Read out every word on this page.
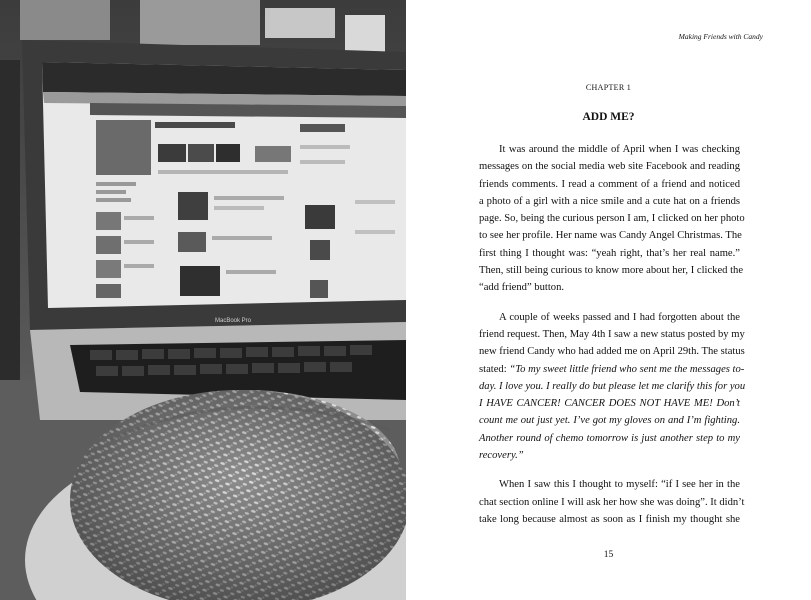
MacBook Pro
Making Friends with Candy
CHAPTER 1
ADD ME?
It was around the middle of April when I was checking
messages on the social media web site Facebook and reading
friends comments. I read a comment of a friend and noticed
a photo of a girl with a nice smile and a cute hat on a friends
page. So, being the curious person I am, I clicked on her photo
to see her profile. Her name was Candy Angel Christmas. The
first thing I thought was: “yeah right, that’s her real name.”
Then, still being curious to know more about her, I clicked the
“add friend” button.
A couple of weeks passed and I had forgotten about the
friend request. Then, May 4th I saw a new status posted by my
new friend Candy who had added me on April 29th. The status
stated: “To my sweet little friend who sent me the messages to-
day. I love you. I really do but please let me clarify this for you
I HAVE CANCER! CANCER DOES NOT HAVE ME! Don’t
count me out just yet. I’ve got my gloves on and I’m fighting.
Another round of chemo tomorrow is just another step to my
recovery.”
When I saw this I thought to myself: “if I see her in the
chat section online I will ask her how she was doing”. It didn’t
take long because almost as soon as I finish my thought she
15
